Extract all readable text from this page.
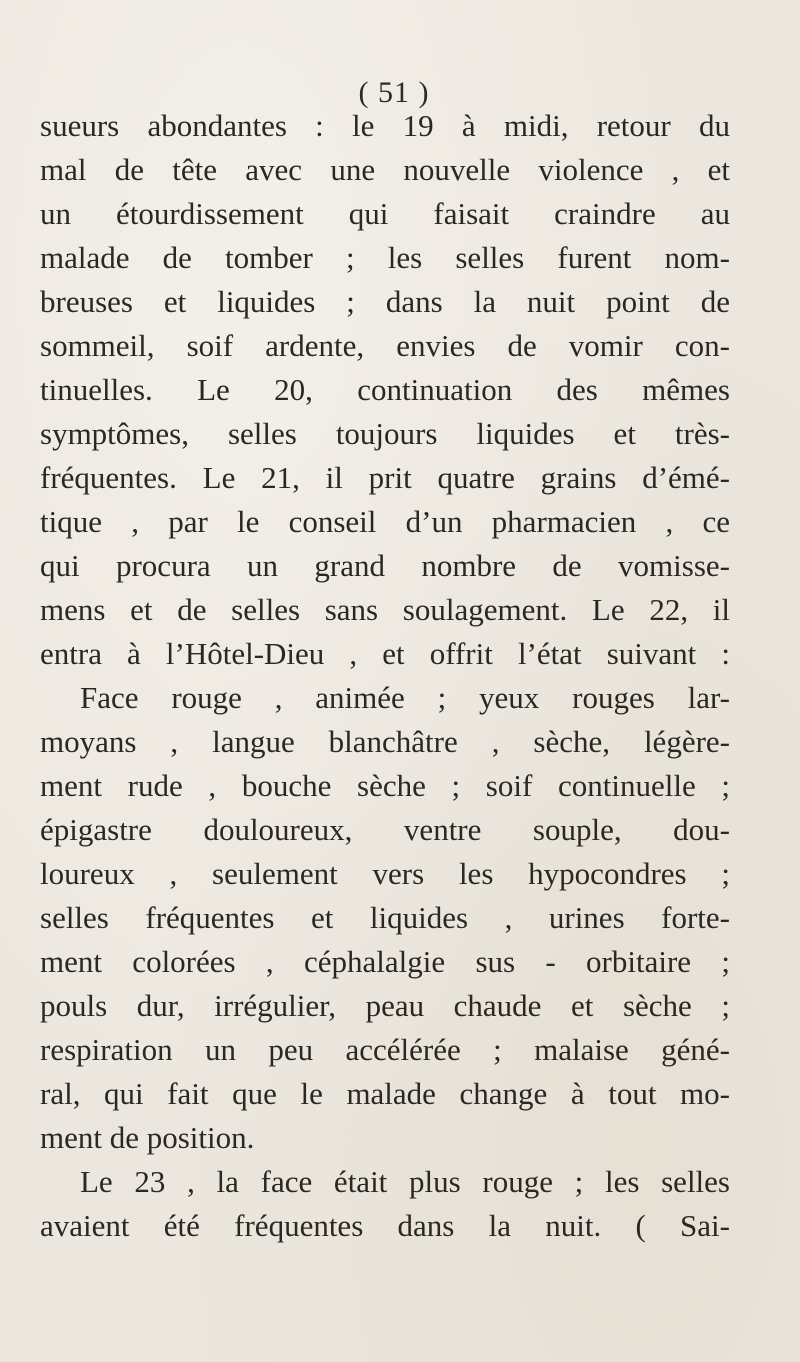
( 51 )
sueurs abondantes : le 19 à midi, retour du
mal de tête avec une nouvelle violence , et
un étourdissement qui faisait craindre au
malade de tomber ; les selles furent nom-
breuses et liquides ; dans la nuit point de
sommeil, soif ardente, envies de vomir con-
tinuelles. Le 20, continuation des mêmes
symptômes, selles toujours liquides et très-
fréquentes. Le 21, il prit quatre grains d’émé-
tique , par le conseil d’un pharmacien , ce
qui procura un grand nombre de vomisse-
mens et de selles sans soulagement. Le 22, il
entra à l’Hôtel-Dieu , et offrit l’état suivant :
Face rouge , animée ; yeux rouges lar-
moyans , langue blanchâtre , sèche, légère-
ment rude , bouche sèche ; soif continuelle ;
épigastre douloureux, ventre souple, dou-
loureux , seulement vers les hypocondres ;
selles fréquentes et liquides , urines forte-
ment colorées , céphalalgie sus - orbitaire ;
pouls dur, irrégulier, peau chaude et sèche ;
respiration un peu accélérée ; malaise géné-
ral, qui fait que le malade change à tout mo-
ment de position.
Le 23 , la face était plus rouge ; les selles
avaient été fréquentes dans la nuit. ( Sai-
